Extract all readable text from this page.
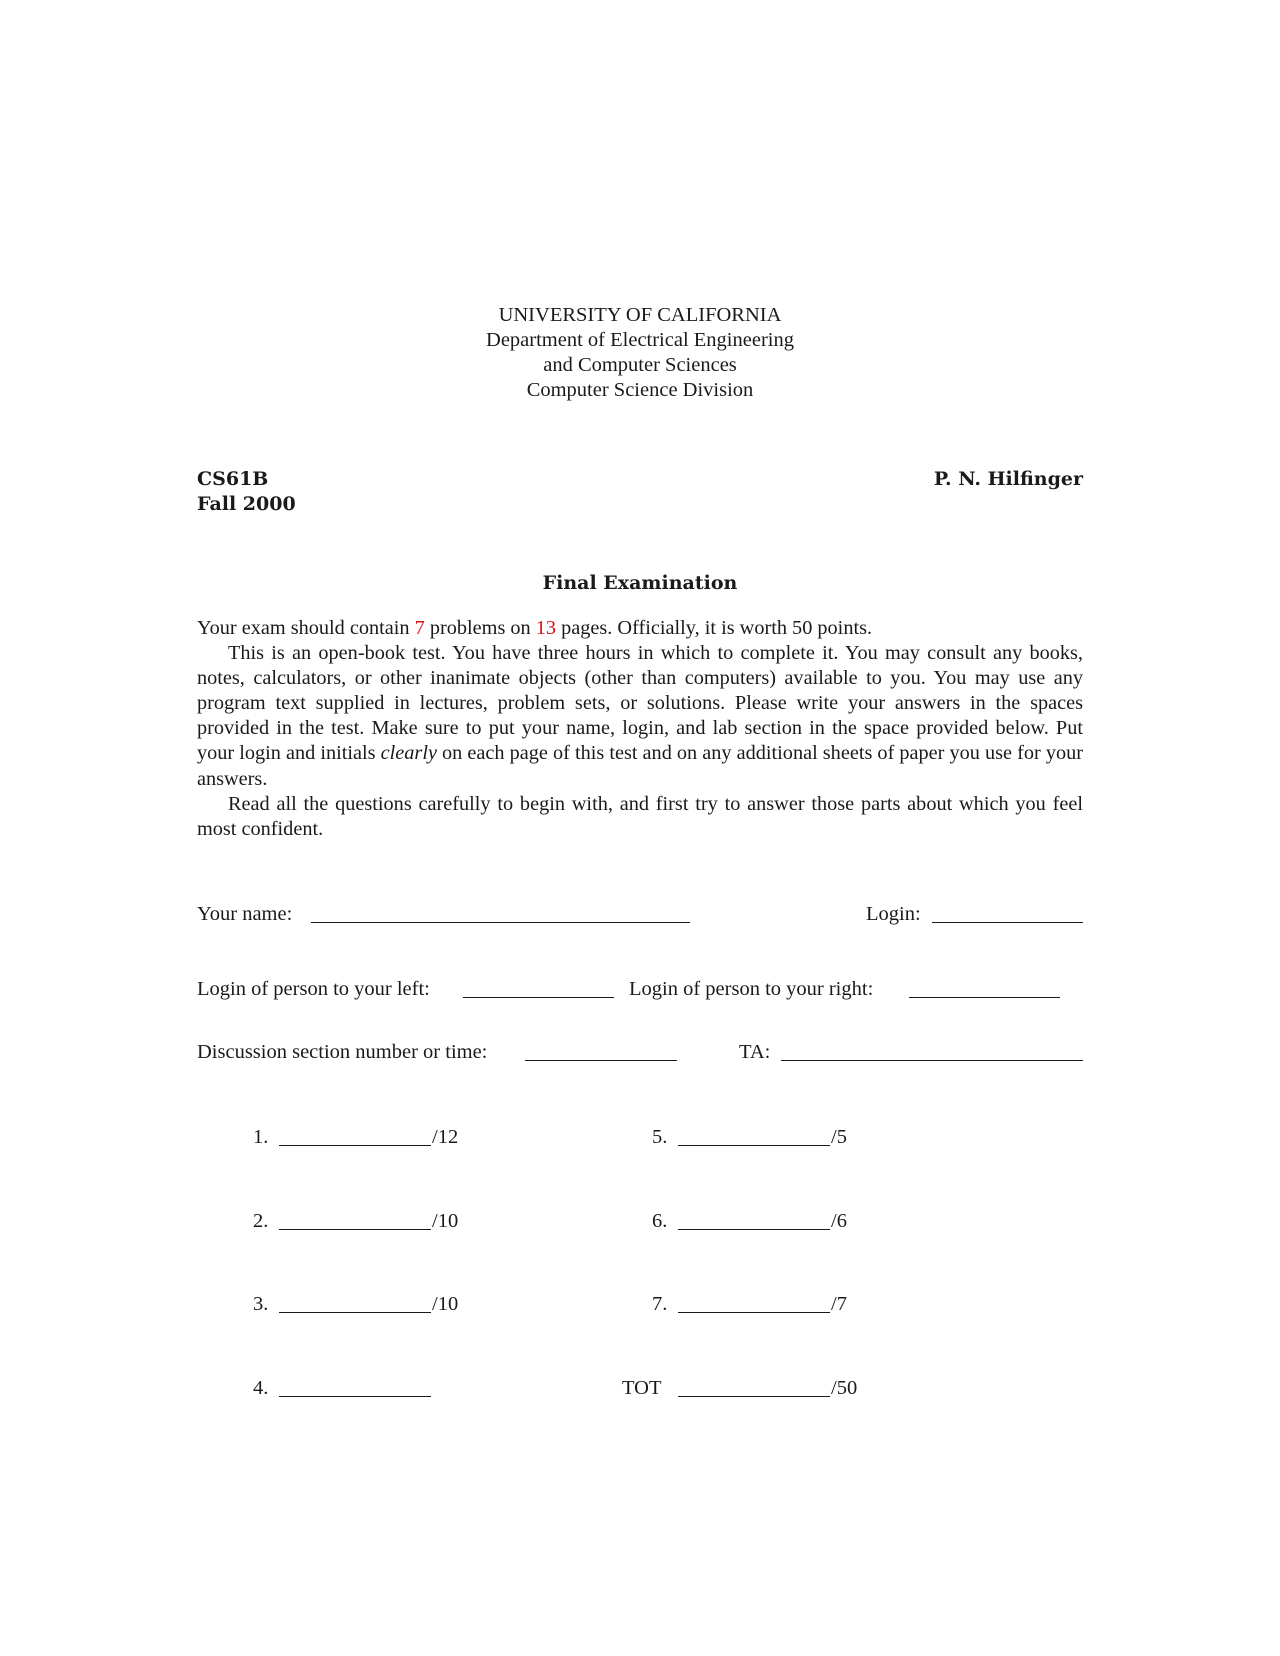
UNIVERSITY OF CALIFORNIA
Department of Electrical Engineering
and Computer Sciences
Computer Science Division
CS61B
Fall 2000
P. N. Hilfinger
Final Examination

Your exam should contain 7 problems on 13 pages. Officially, it is worth 50 points.

This is an open-book test. You have three hours in which to complete it. You may consult any books, notes, calculators, or other inanimate objects (other than computers) available to you. You may use any program text supplied in lectures, problem sets, or solutions. Please write your answers in the spaces provided in the test. Make sure to put your name, login, and lab section in the space provided below. Put your login and initials clearly on each page of this test and on any additional sheets of paper you use for your answers.

Read all the questions carefully to begin with, and first try to answer those parts about which you feel most confident.

Your name:	Login:
Login of person to your left:	Login of person to your right:
Discussion section number or time:	TA:
1.	/12
2.	/10
3.	/10
4.
5.	/5
6.	/6
7.	/7
TOT	/50
